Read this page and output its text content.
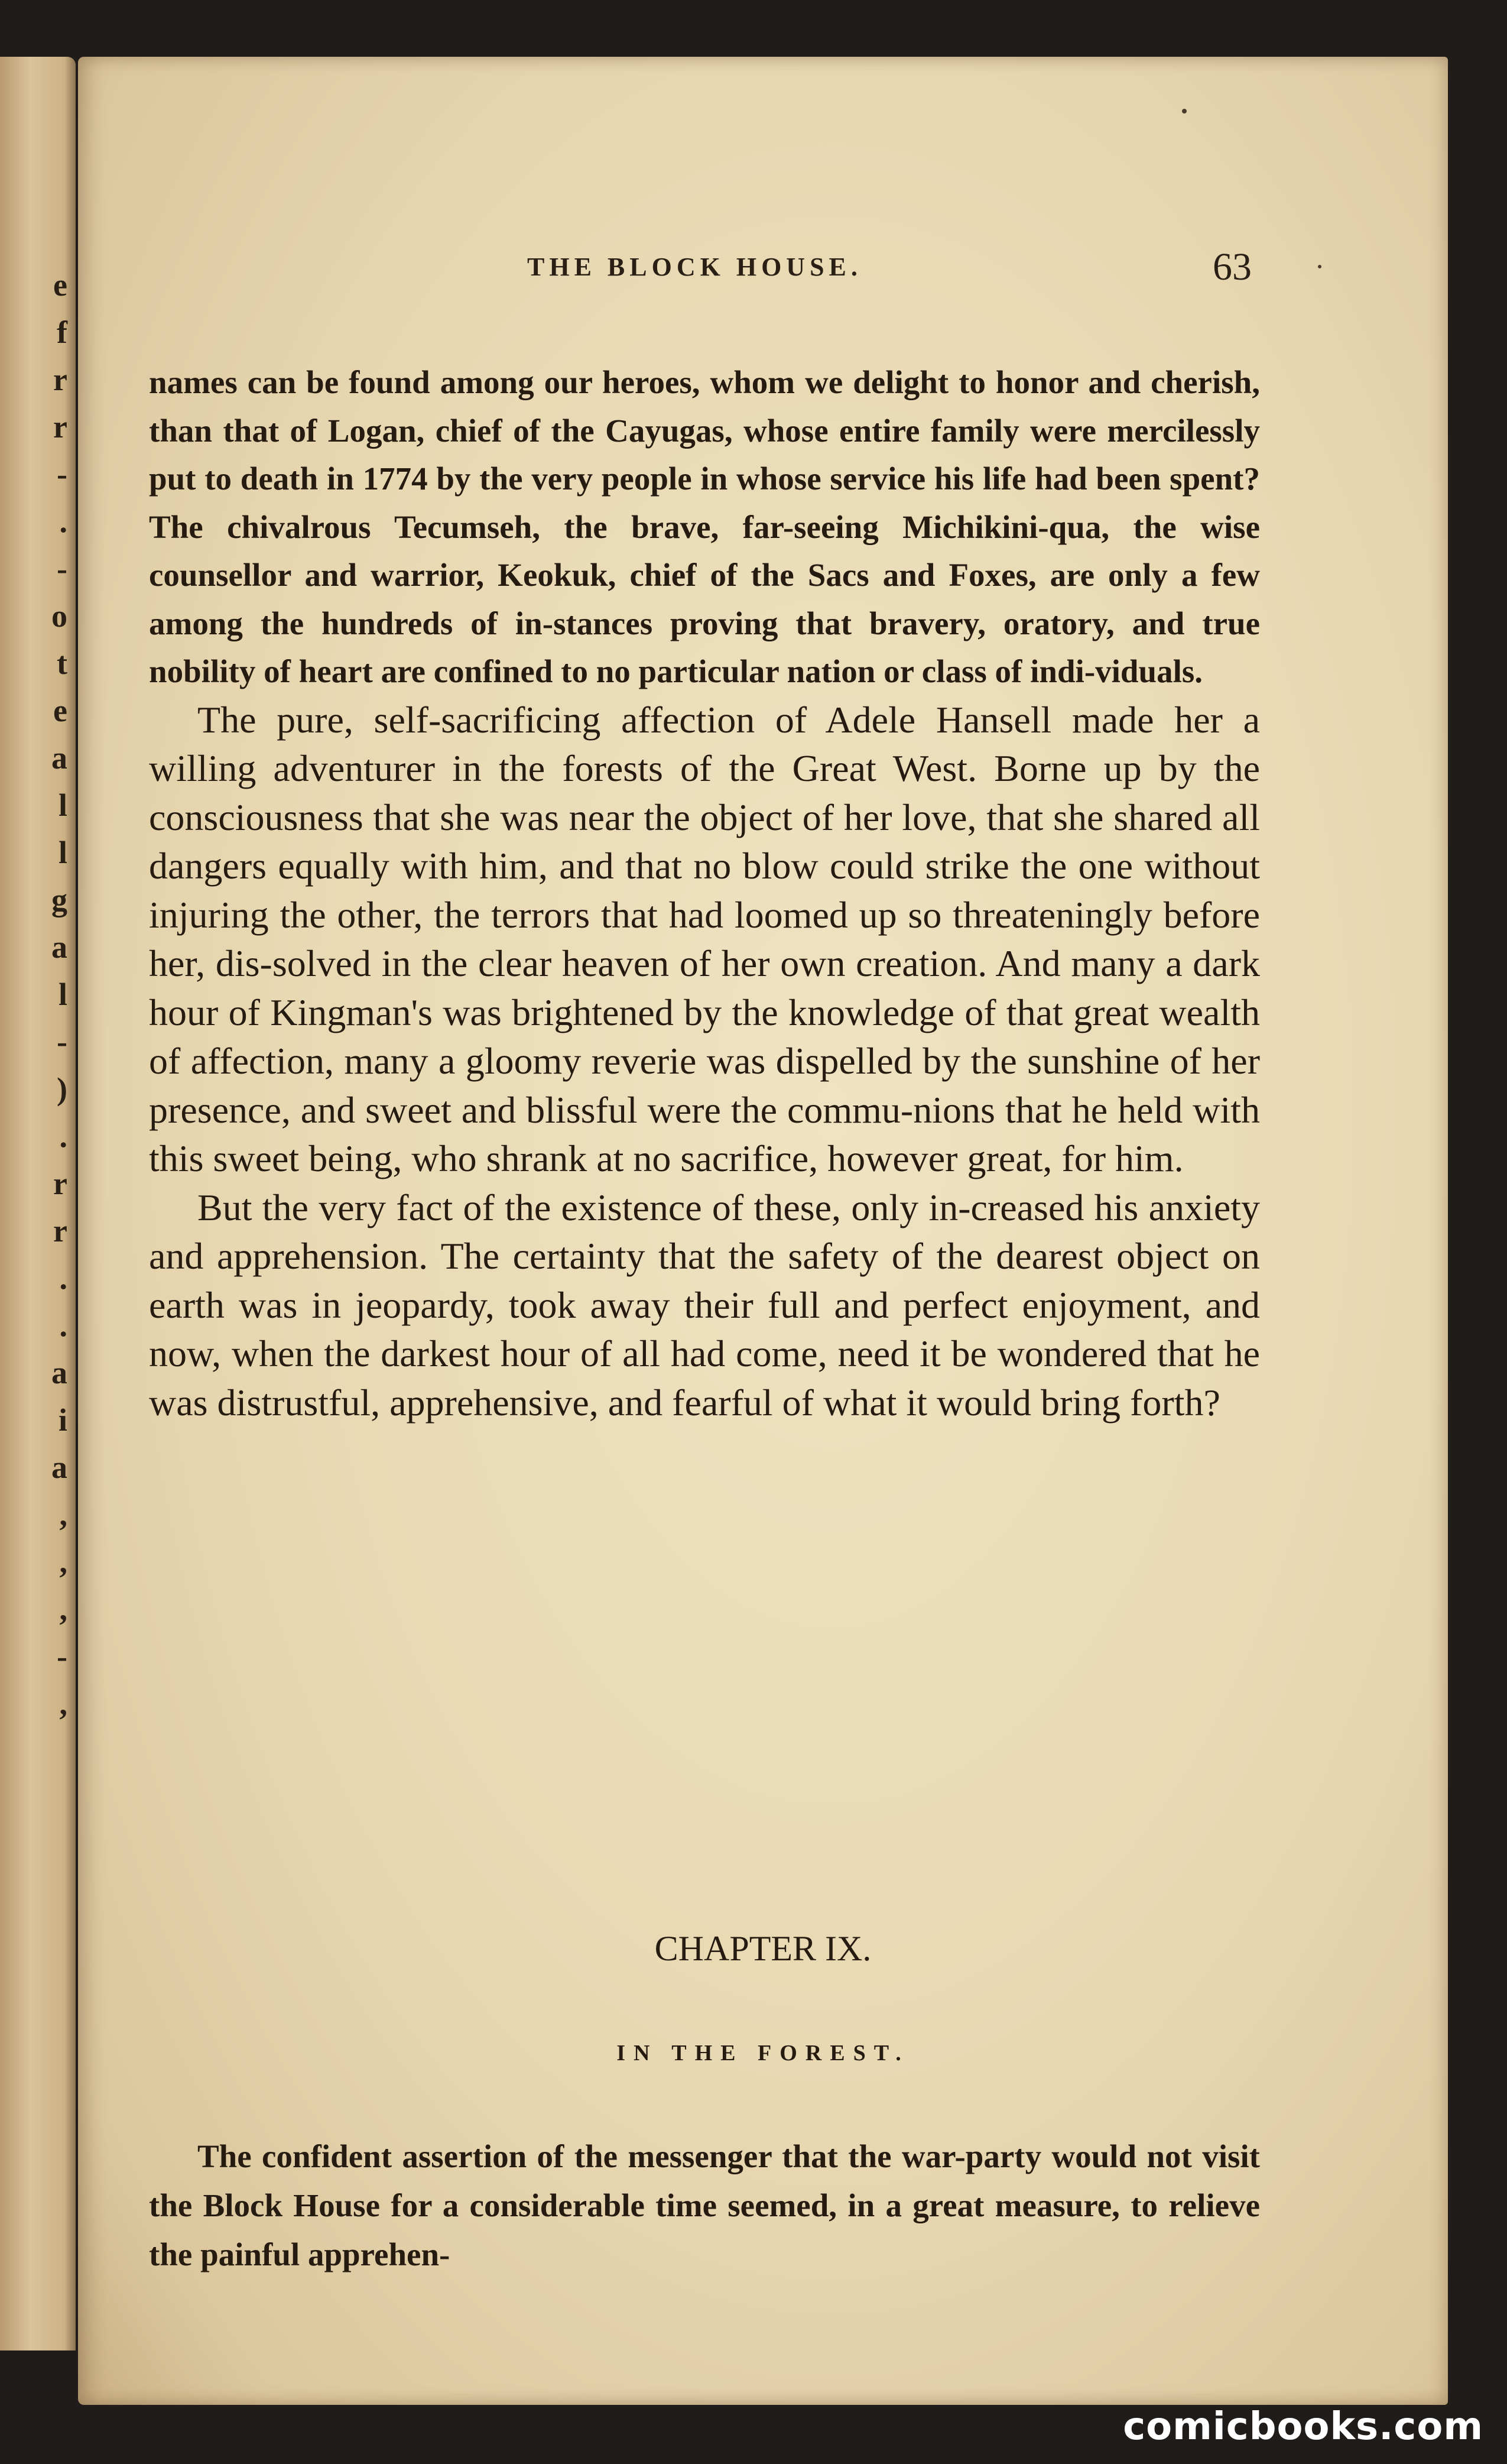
e
f
r
r
-
.
-
o
t
e
a
l
l
g
a
l
-
)
.
r
r
.
.
a
i
a
,
,
,
-
,
THE BLOCK HOUSE.	63

names can be found among our heroes, whom we delight to honor and cherish, than that of Logan, chief of the Cayugas, whose entire family were mercilessly put to death in 1774 by the very people in whose service his life had been spent? The chivalrous Tecumseh, the brave, far-seeing Michikini-qua, the wise counsellor and warrior, Keokuk, chief of the Sacs and Foxes, are only a few among the hundreds of in-stances proving that bravery, oratory, and true nobility of heart are confined to no particular nation or class of indi-viduals.

The pure, self-sacrificing affection of Adele Hansell made her a willing adventurer in the forests of the Great West. Borne up by the consciousness that she was near the object of her love, that she shared all dangers equally with him, and that no blow could strike the one without injuring the other, the terrors that had loomed up so threateningly before her, dis-solved in the clear heaven of her own creation. And many a dark hour of Kingman's was brightened by the knowledge of that great wealth of affection, many a gloomy reverie was dispelled by the sunshine of her presence, and sweet and blissful were the commu-nions that he held with this sweet being, who shrank at no sacrifice, however great, for him.

But the very fact of the existence of these, only in-creased his anxiety and apprehension. The certainty that the safety of the dearest object on earth was in jeopardy, took away their full and perfect enjoyment, and now, when the darkest hour of all had come, need it be wondered that he was distrustful, apprehensive, and fearful of what it would bring forth?

CHAPTER IX.
IN THE FOREST.

The confident assertion of the messenger that the war-party would not visit the Block House for a considerable time seemed, in a great measure, to relieve the painful apprehen-

comicbooks.com
